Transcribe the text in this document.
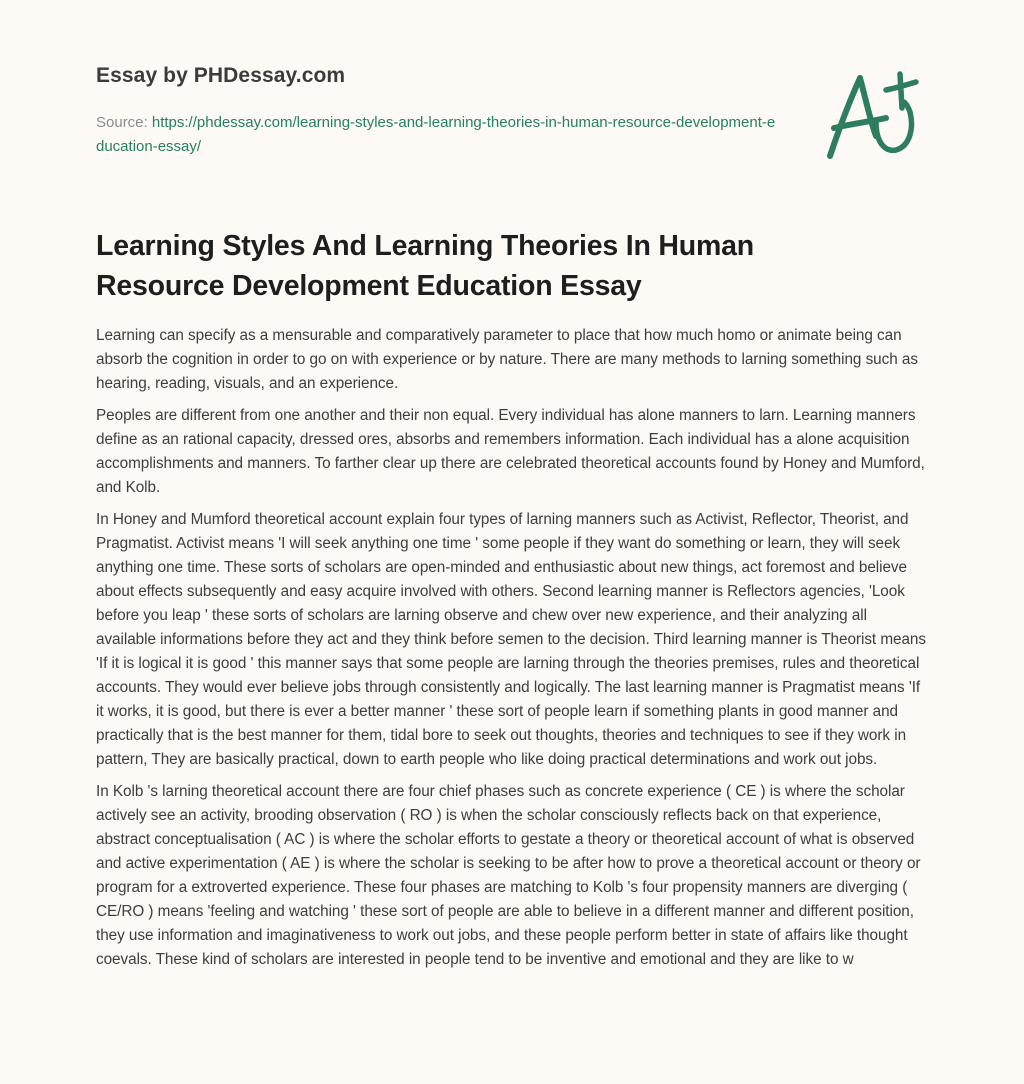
Essay by PHDessay.com
Source: https://phdessay.com/learning-styles-and-learning-theories-in-human-resource-development-education-essay/
Learning Styles And Learning Theories In Human Resource Development Education Essay

Learning can specify as a mensurable and comparatively parameter to place that how much homo or animate being can absorb the cognition in order to go on with experience or by nature. There are many methods to larning something such as hearing, reading, visuals, and an experience.

Peoples are different from one another and their non equal. Every individual has alone manners to larn. Learning manners define as an rational capacity, dressed ores, absorbs and remembers information. Each individual has a alone acquisition accomplishments and manners. To farther clear up there are celebrated theoretical accounts found by Honey and Mumford, and Kolb.

In Honey and Mumford theoretical account explain four types of larning manners such as Activist, Reflector, Theorist, and Pragmatist. Activist means 'I will seek anything one time ' some people if they want do something or learn, they will seek anything one time. These sorts of scholars are open-minded and enthusiastic about new things, act foremost and believe about effects subsequently and easy acquire involved with others. Second learning manner is Reflectors agencies, 'Look before you leap ' these sorts of scholars are larning observe and chew over new experience, and their analyzing all available informations before they act and they think before semen to the decision. Third learning manner is Theorist means 'If it is logical it is good ' this manner says that some people are larning through the theories premises, rules and theoretical accounts. They would ever believe jobs through consistently and logically. The last learning manner is Pragmatist means 'If it works, it is good, but there is ever a better manner ' these sort of people learn if something plants in good manner and practically that is the best manner for them, tidal bore to seek out thoughts, theories and techniques to see if they work in pattern, They are basically practical, down to earth people who like doing practical determinations and work out jobs.

In Kolb 's larning theoretical account there are four chief phases such as concrete experience ( CE ) is where the scholar actively see an activity, brooding observation ( RO ) is when the scholar consciously reflects back on that experience, abstract conceptualisation ( AC ) is where the scholar efforts to gestate a theory or theoretical account of what is observed and active experimentation ( AE ) is where the scholar is seeking to be after how to prove a theoretical account or theory or program for a extroverted experience. These four phases are matching to Kolb 's four propensity manners are diverging ( CE/RO ) means 'feeling and watching ' these sort of people are able to believe in a different manner and different position, they use information and imaginativeness to work out jobs, and these people perform better in state of affairs like thought coevals. These kind of scholars are interested in people tend to be inventive and emotional and they are like to w
